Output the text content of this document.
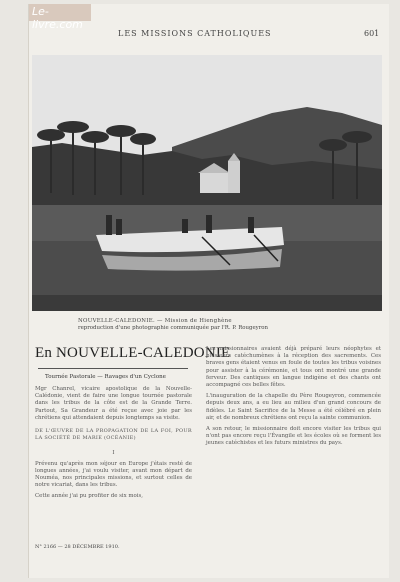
Le-livre.com
LES MISSIONS CATHOLIQUES	601
NOUVELLE-CALEDONIE. — Mission de Hienghène
reproduction d'une photographie communiquée par l'R. P. Rougeyron
En NOUVELLE-CALEDONIE
Tournée Pastorale — Ravages d'un Cyclone

Mgr Chanrel, vicaire apostolique de la Nouvelle-Calédonie, vient de faire une longue tournée pastorale dans les tribus de la côte est de la Grande Terre. Partout, Sa Grandeur a été reçue avec joie par les chrétiens qui attendaient depuis longtemps sa visite.

DE L'ŒUVRE DE LA PROPAGATION DE LA FOI, POUR LA SOCIÉTÉ DE MARIE (OCÉANIE)

I

Prévenu qu'après mon séjour en Europe j'étais resté de longues années, j'ai voulu visiter, avant mon départ de Nouméa, nos principales missions, et surtout celles de notre vicariat, dans les tribus.

Cette année j'ai pu profiter de six mois,

Les missionnaires avaient déjà préparé leurs néophytes et plusieurs catéchumènes à la réception des sacrements. Ces braves gens étaient venus en foule de toutes les tribus voisines pour assister à la cérémonie, et tous ont montré une grande ferveur. Des cantiques en langue indigène et des chants ont accompagné ces belles fêtes.

L'inauguration de la chapelle du Père Rougeyron, commencée depuis deux ans, a eu lieu au milieu d'un grand concours de fidèles. Le Saint Sacrifice de la Messe a été célébré en plein air, et de nombreux chrétiens ont reçu la sainte communion.

A son retour, le missionnaire doit encore visiter les tribus qui n'ont pas encore reçu l'Évangile et les écoles où se forment les jeunes catéchistes et les futurs ministres du pays.

N° 2166 — 28 DÉCEMBRE 1910.
